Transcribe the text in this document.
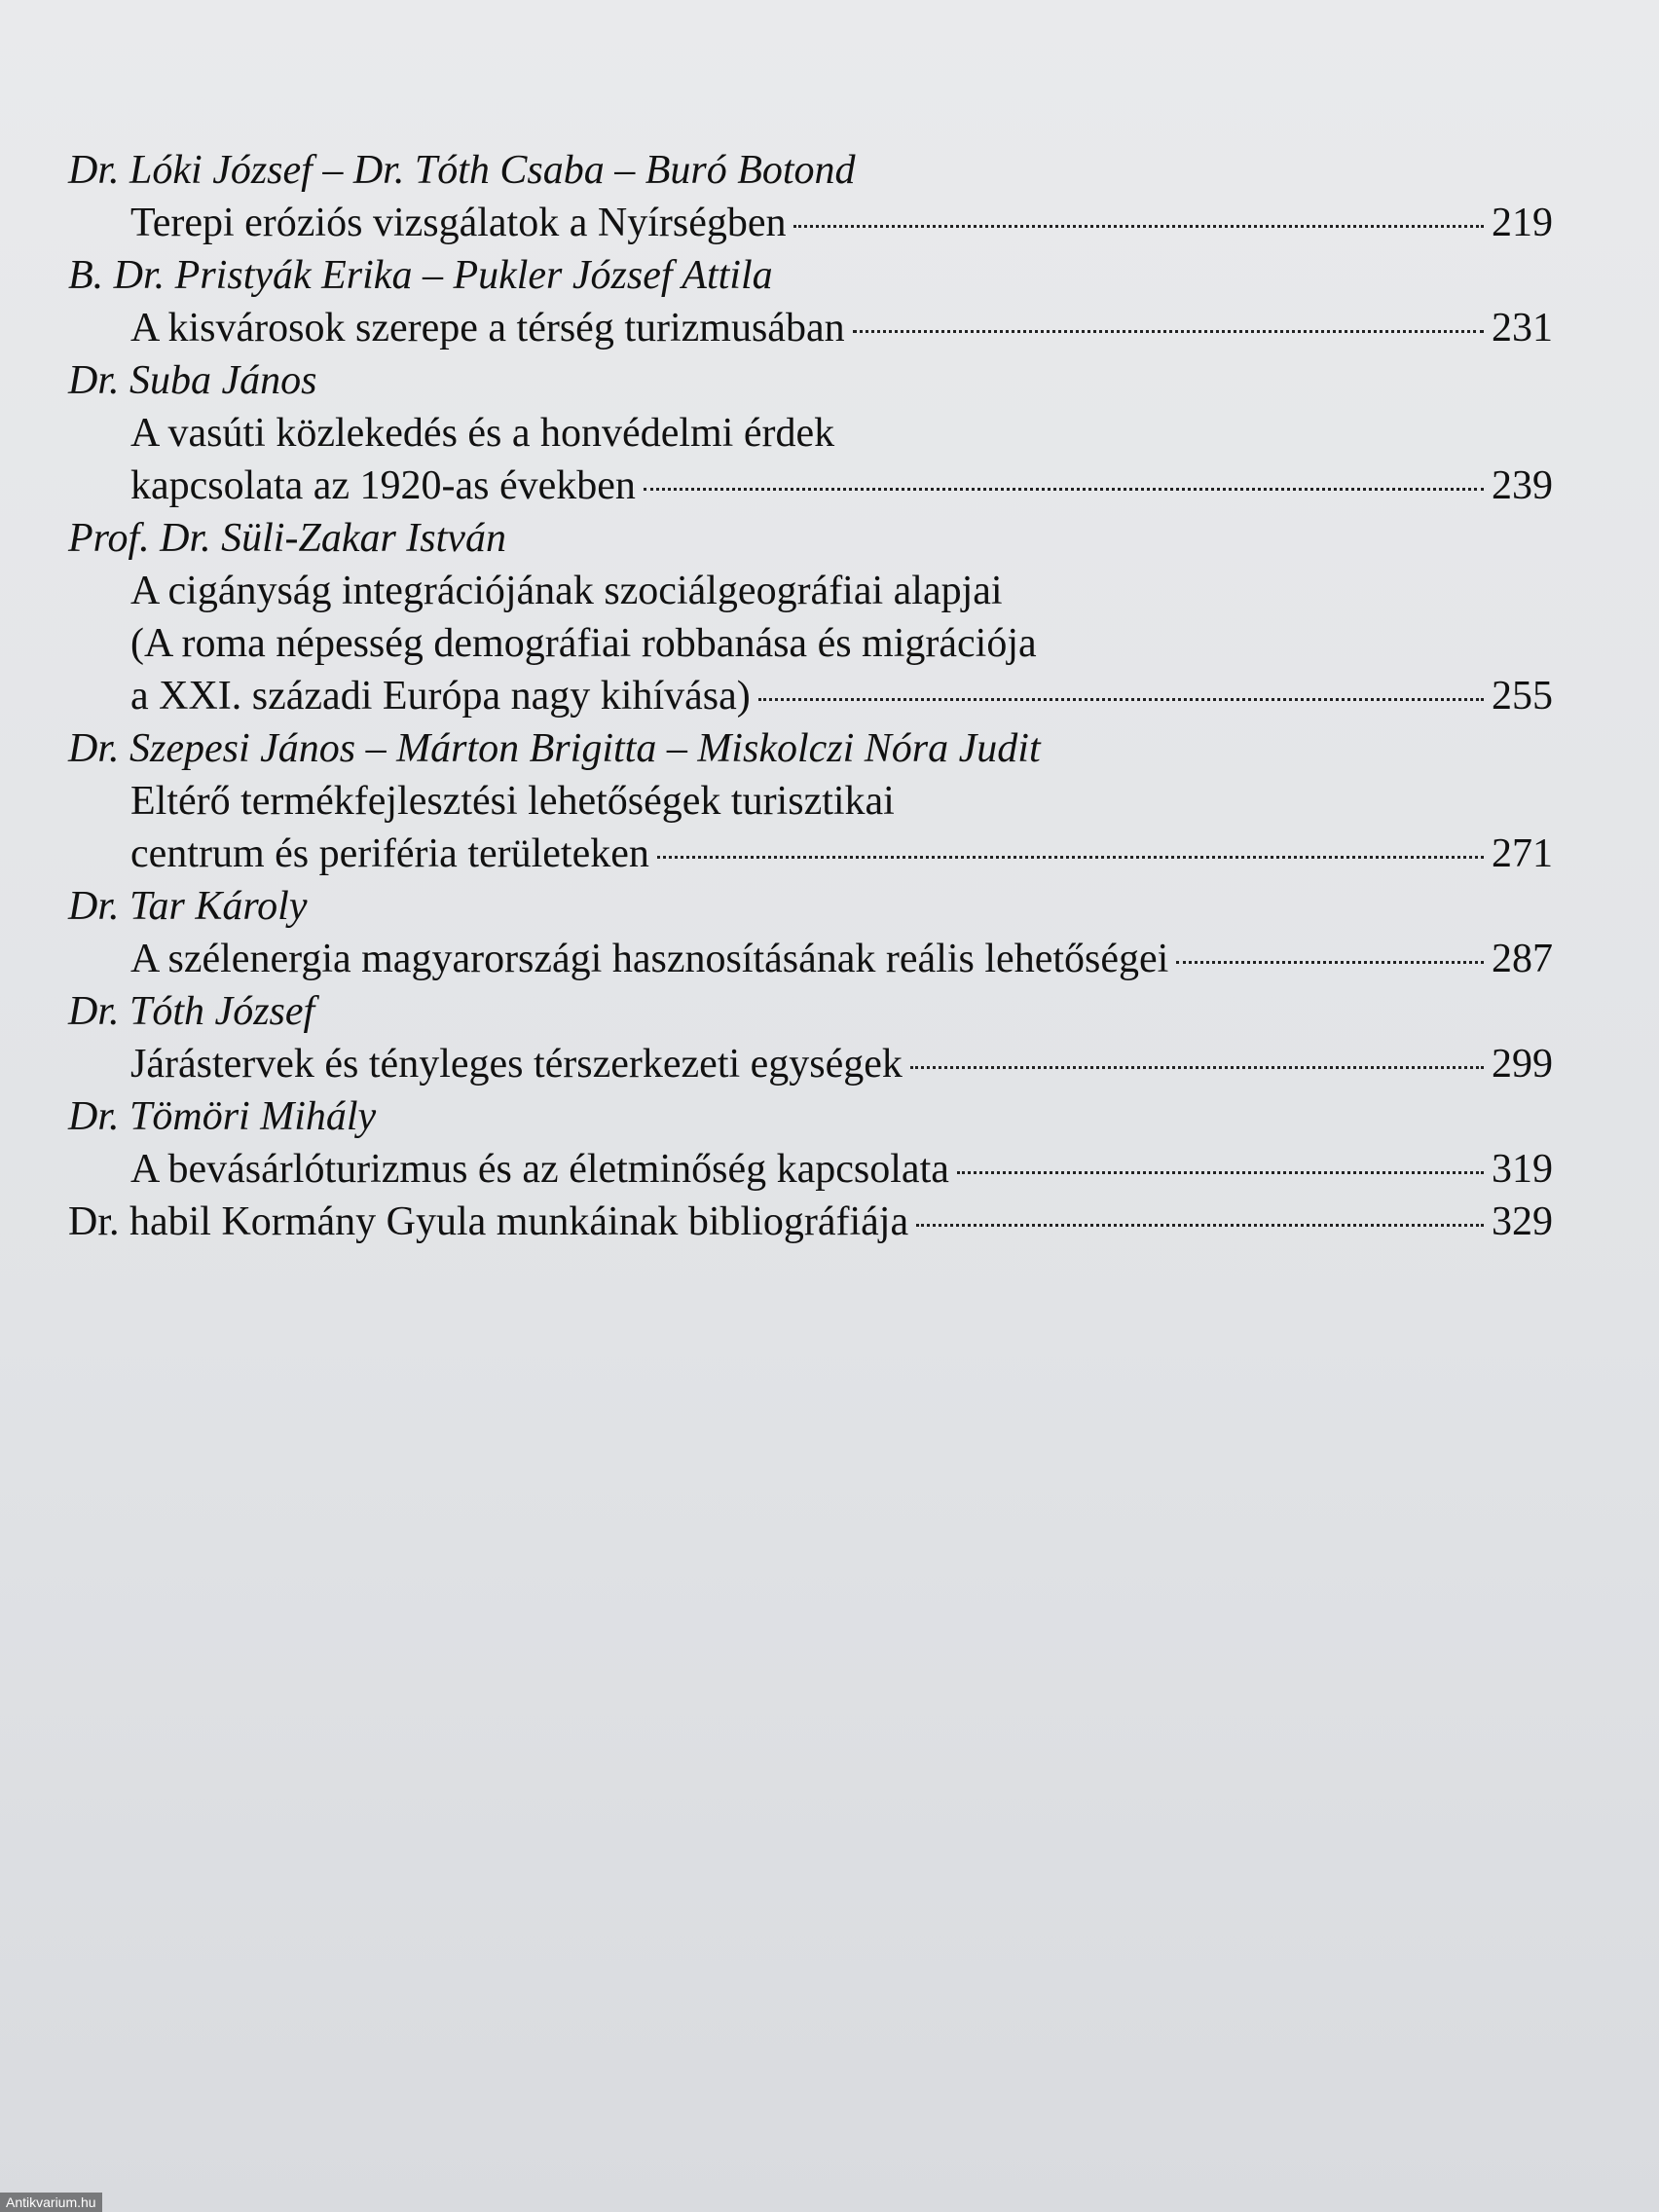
Dr. Lóki József – Dr. Tóth Csaba – Buró Botond
Terepi eróziós vizsgálatok a Nyírségben	219
B. Dr. Pristyák Erika – Pukler József Attila
A kisvárosok szerepe a térség turizmusában	231
Dr. Suba János
A vasúti közlekedés és a honvédelmi érdek
kapcsolata az 1920-as években	239
Prof. Dr. Süli-Zakar István
A cigányság integrációjának szociálgeográfiai alapjai
(A roma népesség demográfiai robbanása és migrációja
a XXI. századi Európa nagy kihívása)	255
Dr. Szepesi János – Márton Brigitta – Miskolczi Nóra Judit
Eltérő termékfejlesztési lehetőségek turisztikai
centrum és periféria területeken	271
Dr. Tar Károly
A szélenergia magyarországi hasznosításának reális lehetőségei	287
Dr. Tóth József
Járástervek és tényleges térszerkezeti egységek	299
Dr. Tömöri Mihály
A bevásárlóturizmus és az életminőség kapcsolata	319
Dr. habil Kormány Gyula munkáinak bibliográfiája	329
Antikvarium.hu
